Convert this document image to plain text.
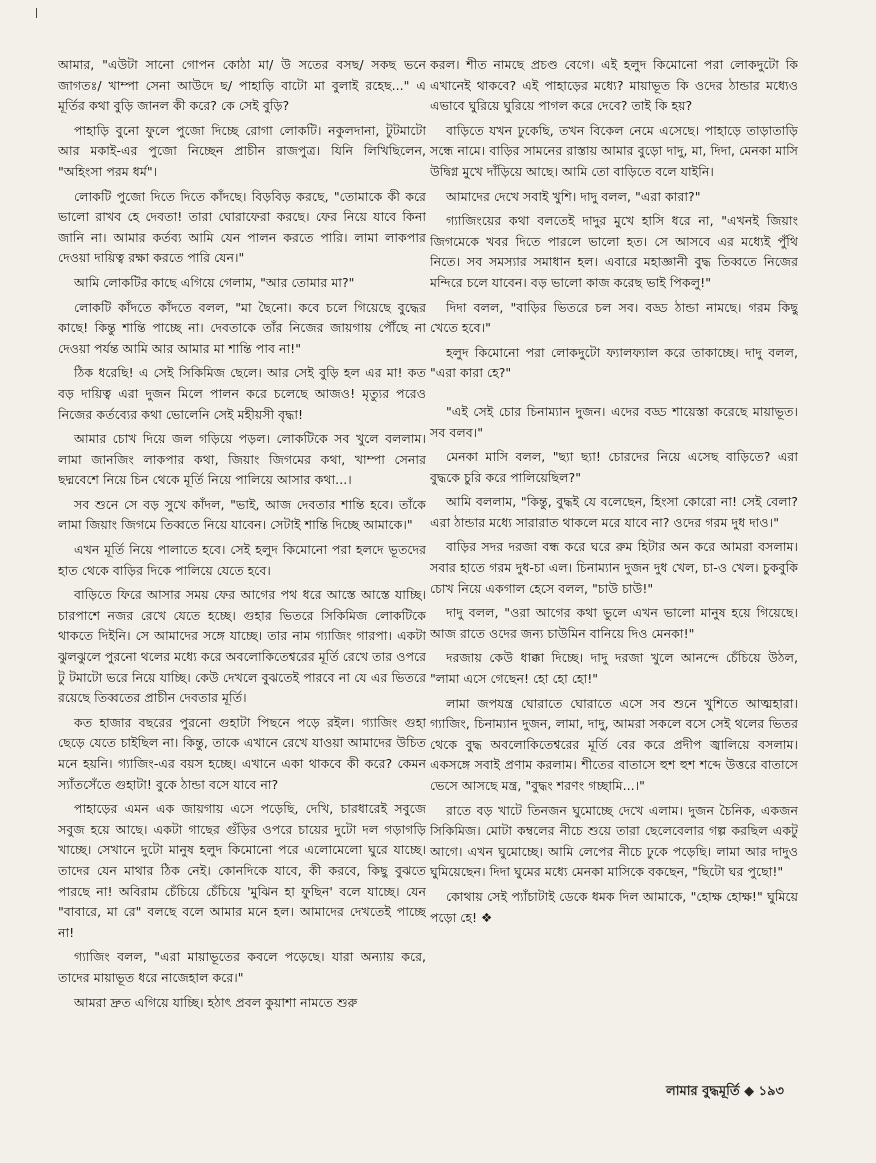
আমার, "এউটা সানো গোপন কোঠা মা/ উ সতের বসছ/ সকছ ভনে জাগতঃ/ খাম্পা সেনা আউদে ছ/ পাহাড়ি বাটো মা বুলাই রহেছ..." এ মূর্তির কথা বুড়ি জানল কী করে? কে সেই বুড়ি?

পাহাড়ি বুনো ফুলে পুজো দিচ্ছে রোগা লোকটি। নকুলদানা, টুটমাটো আর মকাই-এর পুজো নিচ্ছেন প্রাচীন রাজপুত্র। যিনি লিখিছিলেন, "অহিংসা পরম ধর্ম"।

লোকটি পুজো দিতে দিতে কাঁদছে। বিড়বিড় করছে, "তোমাকে কী করে ভালো রাখব হে দেবতা! তারা ঘোরাফেরা করছে। ফের নিয়ে যাবে কিনা জানি না। আমার কর্তব্য আমি যেন পালন করতে পারি। লামা লাকপার দেওয়া দায়িত্ব রক্ষা করতে পারি যেন।"

আমি লোকটির কাছে এগিয়ে গেলাম, "আর তোমার মা?"

লোকটি কাঁদতে কাঁদতে বলল, "মা ছৈনো। কবে চলে গিয়েছে বুদ্ধের কাছে! কিন্তু শান্তি পাচ্ছে না। দেবতাকে তাঁর নিজের জায়গায় পৌঁছে না দেওয়া পর্যন্ত আমি আর আমার মা শান্তি পাব না!"

ঠিক ধরেছি! এ সেই সিকিমিজ ছেলে। আর সেই বুড়ি হল এর মা! কত বড় দায়িত্ব এরা দুজন মিলে পালন করে চলেছে আজও! মৃত্যুর পরেও নিজের কর্তব্যের কথা ভোলেনি সেই মহীয়সী বৃদ্ধা!

আমার চোখ দিয়ে জল গড়িয়ে পড়ল। লোকটিকে সব খুলে বললাম। লামা জানজিং লাকপার কথা, জিয়াং জিগমের কথা, খাম্পা সেনার ছদ্মবেশে নিয়ে চিন থেকে মূর্তি নিয়ে পালিয়ে আসার কথা...।

সব শুনে সে বড় সুখে কাঁদল, "ভাই, আজ দেবতার শান্তি হবে। তাঁকে লামা জিয়াং জিগমে তিব্বতে নিয়ে যাবেন। সেটাই শান্তি দিচ্ছে আমাকে।"

এখন মূর্তি নিয়ে পালাতে হবে। সেই হলুদ কিমোনো পরা হলদে ভূতদের হাত থেকে বাড়ির দিকে পালিয়ে যেতে হবে।

বাড়িতে ফিরে আসার সময় ফের আগের পথ ধরে আস্তে আস্তে যাচ্ছি। চারপাশে নজর রেখে যেতে হচ্ছে। গুহার ভিতরে সিকিমিজ লোকটিকে থাকতে দিইনি। সে আমাদের সঙ্গে যাচ্ছে। তার নাম গ্যাজিং গারপা। একটা ঝুলঝুলে পুরনো থলের মধ্যে করে অবলোকিতেশ্বরের মূর্তি রেখে তার ওপরে টু টমাটো ভরে নিয়ে যাচ্ছি। কেউ দেখলে বুঝতেই পারবে না যে এর ভিতরে রয়েছে তিব্বতের প্রাচীন দেবতার মূর্তি।

কত হাজার বছরের পুরনো গুহাটা পিছনে পড়ে রইল। গ্যাজিং গুহা ছেড়ে যেতে চাইছিল না। কিন্তু, তাকে এখানে রেখে যাওয়া আমাদের উচিত মনে হয়নি। গ্যাজিং-এর বয়স হচ্ছে। এখানে একা থাকবে কী করে? কেমন স্যাঁতসেঁতে গুহাটা! বুকে ঠান্ডা বসে যাবে না?

পাহাড়ের এমন এক জায়গায় এসে পড়েছি, দেখি, চারধারেই সবুজে সবুজ হয়ে আছে। একটা গাছের গুঁড়ির ওপরে চায়ের দুটো দল গড়াগড়ি খাচ্ছে। সেখানে দুটো মানুষ হলুদ কিমোনো পরে এলোমেলো ঘুরে যাচ্ছে। তাদের যেন মাথার ঠিক নেই। কোনদিকে যাবে, কী করবে, কিছু বুঝতে পারছে না! অবিরাম চেঁচিয়ে চেঁচিয়ে 'মুঝিন হা ফুছিন' বলে যাচ্ছে। যেন "বাবারে, মা রে" বলছে বলে আমার মনে হল। আমাদের দেখতেই পাচ্ছে না!

গ্যাজিং বলল, "এরা মায়াভূতের কবলে পড়েছে। যারা অন্যায় করে, তাদের মায়াভূত ধরে নাজেহাল করে।"

আমরা দ্রুত এগিয়ে যাচ্ছি। হঠাৎ প্রবল কুয়াশা নামতে শুরু

করল। শীত নামছে প্রচণ্ড বেগে। এই হলুদ কিমোনো পরা লোকদুটো কি এখানেই থাকবে? এই পাহাড়ের মধ্যে? মায়াভূত কি ওদের ঠান্ডার মধ্যেও এভাবে ঘুরিয়ে ঘুরিয়ে পাগল করে দেবে? তাই কি হয়?

বাড়িতে যখন ঢুকেছি, তখন বিকেল নেমে এসেছে। পাহাড়ে তাড়াতাড়ি সন্ধে নামে। বাড়ির সামনের রাস্তায় আমার বুড়ো দাদু, মা, দিদা, মেনকা মাসি উদ্বিগ্ন মুখে দাঁড়িয়ে আছে। আমি তো বাড়িতে বলে যাইনি।

আমাদের দেখে সবাই খুশি। দাদু বলল, "এরা কারা?"

গ্যাজিংয়ের কথা বলতেই দাদুর মুখে হাসি ধরে না, "এখনই জিয়াং জিগমেকে খবর দিতে পারলে ভালো হত। সে আসবে এর মধ্যেই পুঁথি নিতে। সব সমস্যার সমাধান হল। এবারে মহাজ্ঞানী বুদ্ধ তিব্বতে নিজের মন্দিরে চলে যাবেন। বড় ভালো কাজ করেছ ভাই পিকলু!"

দিদা বলল, "বাড়ির ভিতরে চল সব। বড্ড ঠান্ডা নামছে। গরম কিছু খেতে হবে।"

হলুদ কিমোনো পরা লোকদুটো ফ্যালফ্যাল করে তাকাচ্ছে। দাদু বলল, "এরা কারা হে?"

"এই সেই চোর চিনাম্যান দুজন। এদের বড্ড শায়েস্তা করেছে মায়াভূত। সব বলব।"

মেনকা মাসি বলল, "ছ্যা ছ্যা! চোরদের নিয়ে এসেছ বাড়িতে? এরা বুদ্ধকে চুরি করে পালিয়েছিল?"

আমি বললাম, "কিন্তু, বুদ্ধই যে বলেছেন, হিংসা কোরো না! সেই বেলা? এরা ঠান্ডার মধ্যে সারারাত থাকলে মরে যাবে না? ওদের গরম দুধ দাও।"

বাড়ির সদর দরজা বন্ধ করে ঘরে রুম হিটার অন করে আমরা বসলাম। সবার হাতে গরম দুধ-চা এল। চিনাম্যান দুজন দুধ খেল, চা-ও খেল। চুকবুকি চোখ নিয়ে একগাল হেসে বলল, "চাউ চাউ!"

দাদু বলল, "ওরা আগের কথা ভুলে এখন ভালো মানুষ হয়ে গিয়েছে। আজ রাতে ওদের জন্য চাউমিন বানিয়ে দিও মেনকা!"

দরজায় কেউ ধাক্কা দিচ্ছে। দাদু দরজা খুলে আনন্দে চেঁচিয়ে উঠল, "লামা এসে গেছেন! হো হো হো!"

লামা জপযন্ত্র ঘোরাতে ঘোরাতে এসে সব শুনে খুশিতে আত্মহারা। গ্যাজিং, চিনাম্যান দুজন, লামা, দাদু, আমরা সকলে বসে সেই থলের ভিতর থেকে বুদ্ধ অবলোকিতেশ্বরের মূর্তি বের করে প্রদীপ জ্বালিয়ে বসলাম। একসঙ্গে সবাই প্রণাম করলাম। শীতের বাতাসে হুশ হুশ শব্দে উত্তরে বাতাসে ভেসে আসছে মন্ত্র, "বুদ্ধং শরণং গচ্ছামি...।"

রাতে বড় খাটে তিনজন ঘুমোচ্ছে দেখে এলাম। দুজন চৈনিক, একজন সিকিমিজ। মোটা কম্বলের নীচে শুয়ে তারা ছেলেবেলার গল্প করছিল একটু আগে। এখন ঘুমোচ্ছে। আমি লেপের নীচে ঢুকে পড়েছি। লামা আর দাদুও ঘুমিয়েছেন। দিদা ঘুমের মধ্যে মেনকা মাসিকে বকছেন, "ছিটো ঘর পুছো!"

কোথায় সেই প্যাঁচাটাই ডেকে ধমক দিল আমাকে, "হোক্ষ হোক্ষ!" ঘুমিয়ে পড়ো হে! ❖

লামার বুদ্ধমূর্তি ◆ ১৯৩
